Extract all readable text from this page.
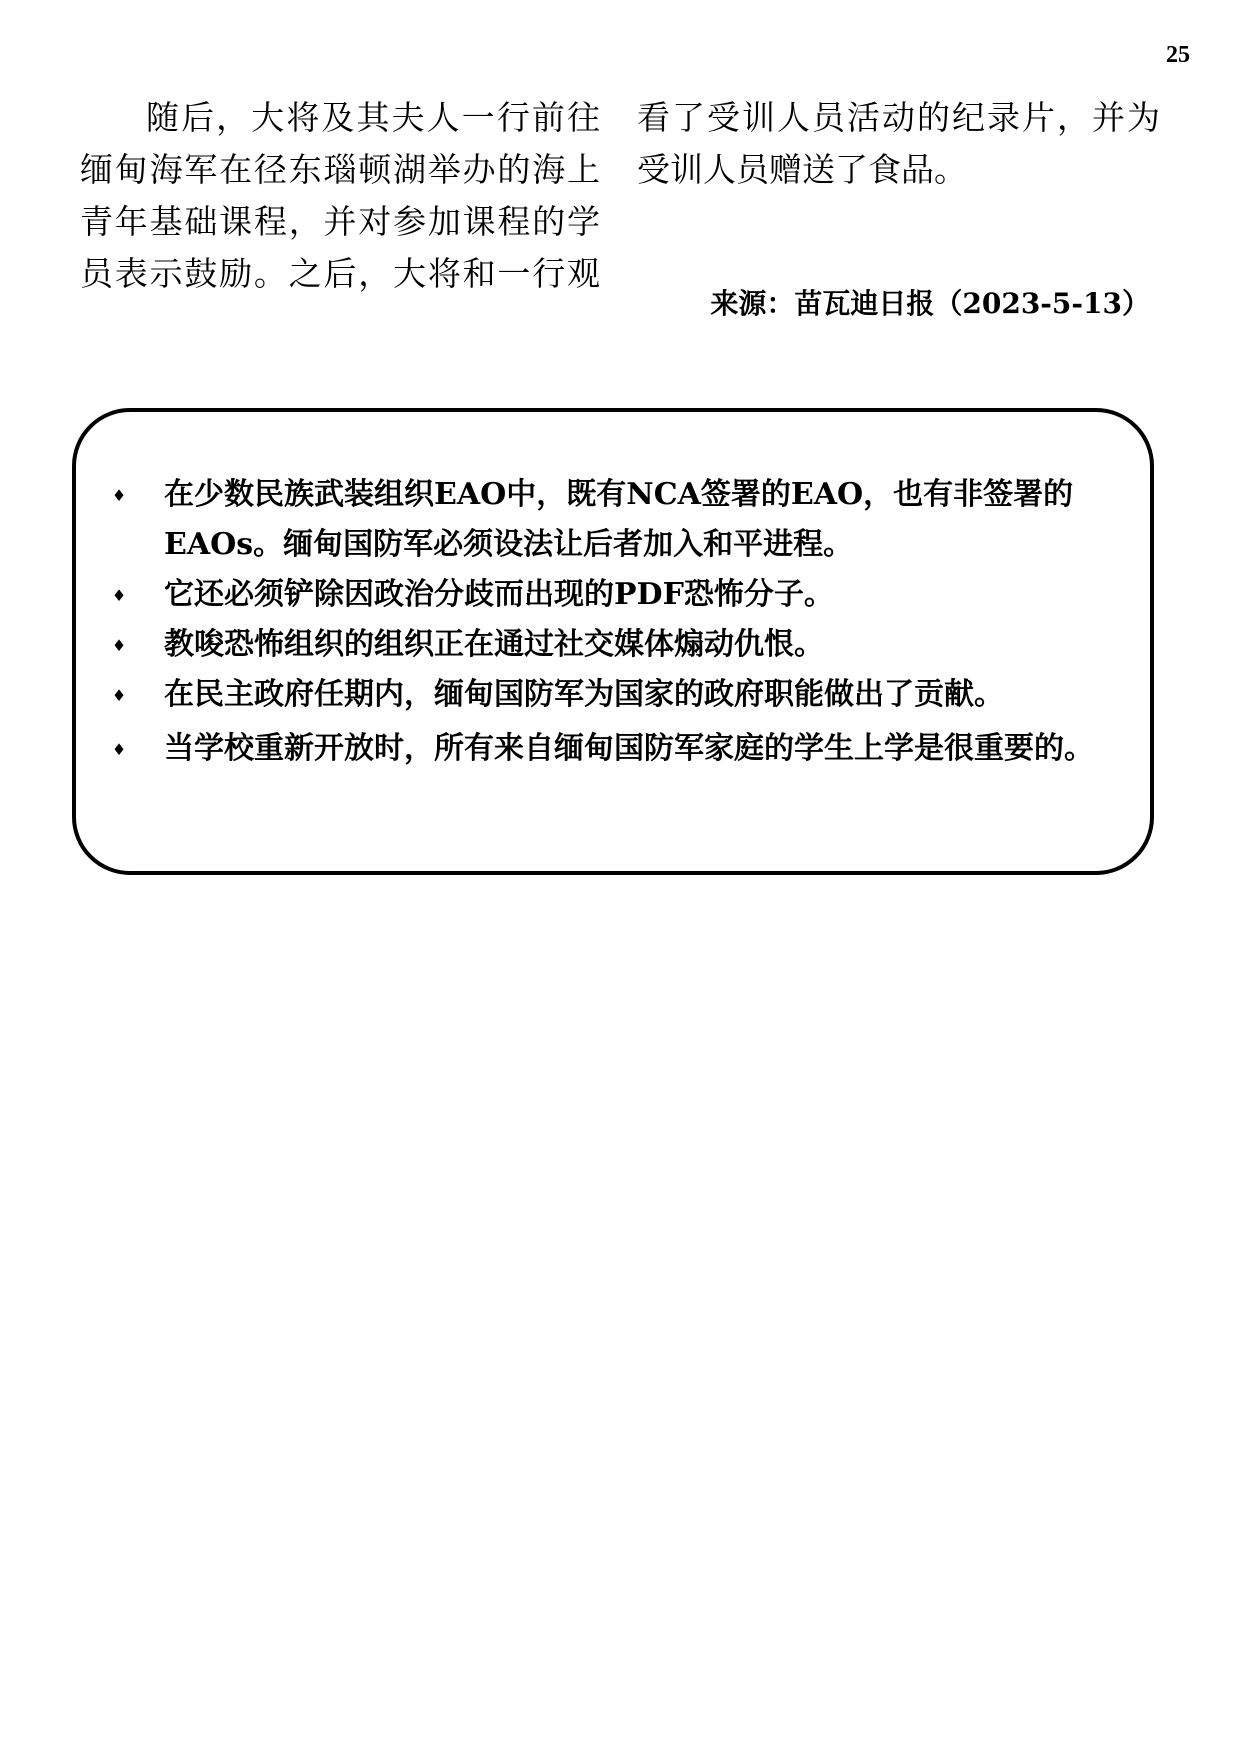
25

随后，大将及其夫人一行前往缅甸海军在径东瑙顿湖举办的海上青年基础课程，并对参加课程的学员表示鼓励。之后，大将和一行观

看了受训人员活动的纪录片，并为
受训人员赠送了食品。

来源：苗瓦迪日报（2023-5-13）
♦ 在少数民族武装组织EAO中，既有NCA签署的EAO，也有非签署的EAOs。缅甸国防军必须设法让后者加入和平进程。
♦ 它还必须铲除因政治分歧而出现的PDF恐怖分子。
♦ 教唆恐怖组织的组织正在通过社交媒体煽动仇恨。
♦ 在民主政府任期内，缅甸国防军为国家的政府职能做出了贡献。
♦ 当学校重新开放时，所有来自缅甸国防军家庭的学生上学是很重要的。
